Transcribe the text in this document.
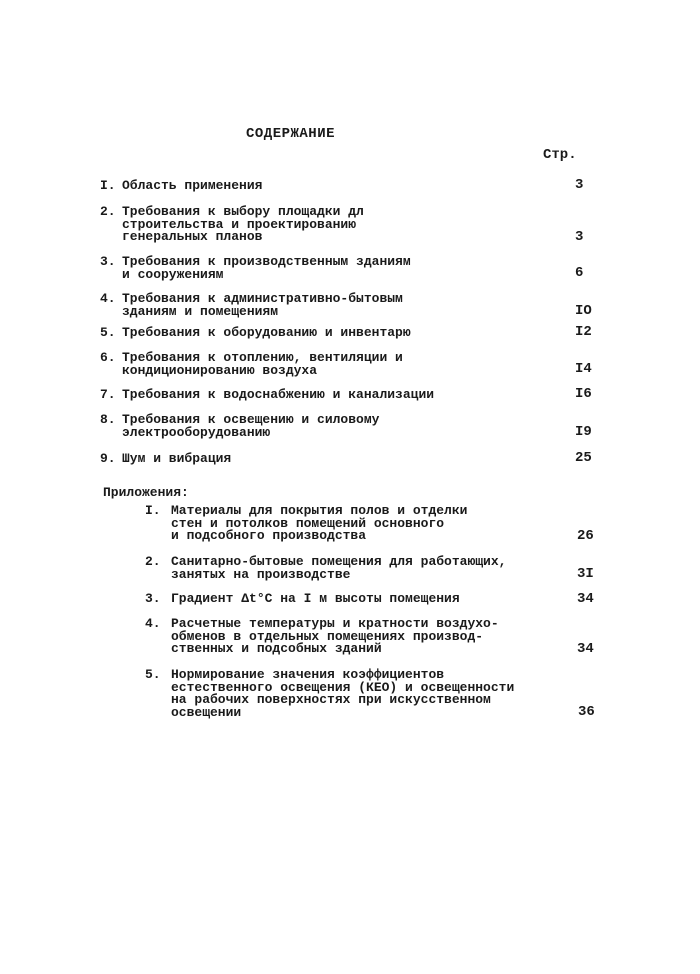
СОДЕРЖАНИЕ
Стр.
I. Область применения	3
2. Требования к выбору площадки дл
строительства и проектированию
генеральных планов	3
3. Требования к производственным зданиям
и сооружениям	6
4. Требования к административно-бытовым
зданиям и помещениям	IO
5. Требования к оборудованию и инвентарю	I2
6. Требования к отоплению, вентиляции и
кондиционированию воздуха	I4
7. Требования к водоснабжению и канализации	I6
8. Требования к освещению и силовому
электрооборудованию	I9
9. Шум и вибрация	25
Приложения:
I. Материалы для покрытия полов и отделки
стен и потолков помещений основного
и подсобного производства	26
2. Санитарно-бытовые помещения для работающих,
занятых на производстве	3I
3. Градиент Δt°C на I м высоты помещения	34
4. Расчетные температуры и кратности воздухо-
обменов в отдельных помещениях производ-
ственных и подсобных зданий	34
5. Нормирование значения коэффициентов
естественного освещения (КЕО) и освещенности
на рабочих поверхностях при искусственном
освещении	36
